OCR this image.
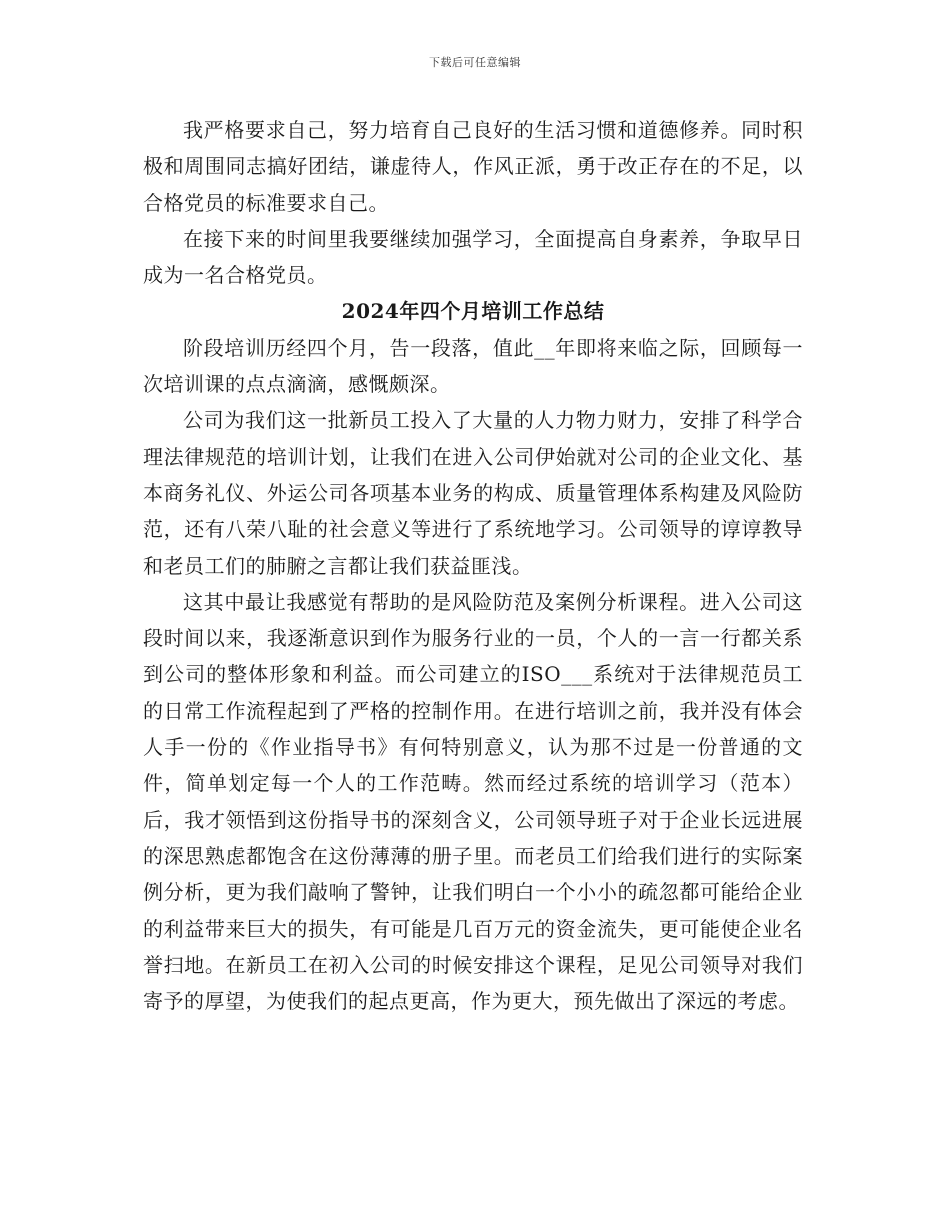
下载后可任意编辑

我严格要求自己，努力培育自己良好的生活习惯和道德修养。同时积极和周围同志搞好团结，谦虚待人，作风正派，勇于改正存在的不足，以合格党员的标准要求自己。

在接下来的时间里我要继续加强学习，全面提高自身素养，争取早日成为一名合格党员。

2024年四个月培训工作总结

阶段培训历经四个月，告一段落，值此__年即将来临之际，回顾每一次培训课的点点滴滴，感慨颇深。

公司为我们这一批新员工投入了大量的人力物力财力，安排了科学合理法律规范的培训计划，让我们在进入公司伊始就对公司的企业文化、基本商务礼仪、外运公司各项基本业务的构成、质量管理体系构建及风险防范，还有八荣八耻的社会意义等进行了系统地学习。公司领导的谆谆教导和老员工们的肺腑之言都让我们获益匪浅。

这其中最让我感觉有帮助的是风险防范及案例分析课程。进入公司这段时间以来，我逐渐意识到作为服务行业的一员，个人的一言一行都关系到公司的整体形象和利益。而公司建立的ISO___系统对于法律规范员工的日常工作流程起到了严格的控制作用。在进行培训之前，我并没有体会人手一份的《作业指导书》有何特别意义，认为那不过是一份普通的文件，简单划定每一个人的工作范畴。然而经过系统的培训学习（范本）后，我才领悟到这份指导书的深刻含义，公司领导班子对于企业长远进展的深思熟虑都饱含在这份薄薄的册子里。而老员工们给我们进行的实际案例分析，更为我们敲响了警钟，让我们明白一个小小的疏忽都可能给企业的利益带来巨大的损失，有可能是几百万元的资金流失，更可能使企业名誉扫地。在新员工在初入公司的时候安排这个课程，足见公司领导对我们寄予的厚望，为使我们的起点更高，作为更大，预先做出了深远的考虑。
